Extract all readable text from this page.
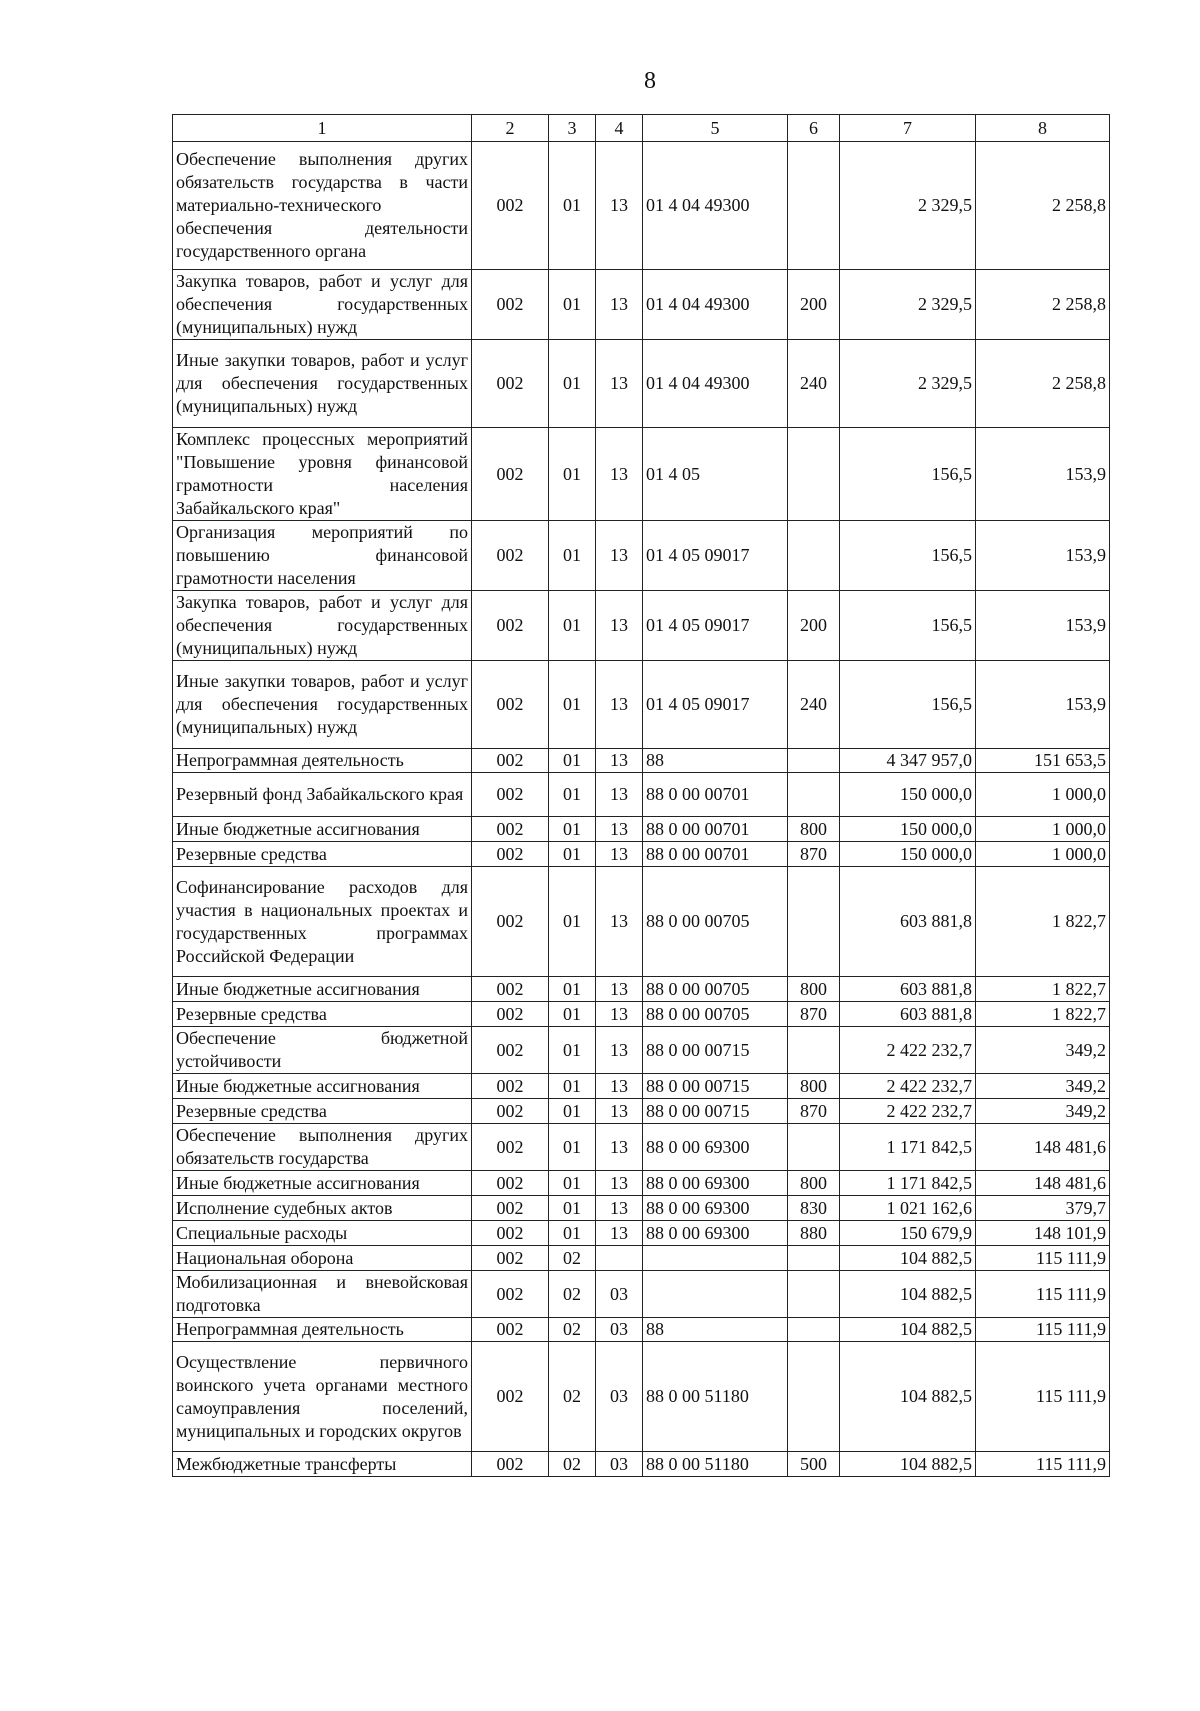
8
1	2	3	4	5	6	7	8
Обеспечение выполнения других обязательств государства в части материально-технического обеспечения деятельности государственного органа	002	01	13	01 4 04 49300		2 329,5	2 258,8
Закупка товаров, работ и услуг для обеспечения государственных (муниципальных) нужд	002	01	13	01 4 04 49300	200	2 329,5	2 258,8
Иные закупки товаров, работ и услуг для обеспечения государственных (муниципальных) нужд	002	01	13	01 4 04 49300	240	2 329,5	2 258,8
Комплекс процессных мероприятий "Повышение уровня финансовой грамотности населения Забайкальского края"	002	01	13	01 4 05		156,5	153,9
Организация мероприятий по повышению финансовой грамотности населения	002	01	13	01 4 05 09017		156,5	153,9
Закупка товаров, работ и услуг для обеспечения государственных (муниципальных) нужд	002	01	13	01 4 05 09017	200	156,5	153,9
Иные закупки товаров, работ и услуг для обеспечения государственных (муниципальных) нужд	002	01	13	01 4 05 09017	240	156,5	153,9
Непрограммная деятельность	002	01	13	88		4 347 957,0	151 653,5
Резервный фонд Забайкальского края	002	01	13	88 0 00 00701		150 000,0	1 000,0
Иные бюджетные ассигнования	002	01	13	88 0 00 00701	800	150 000,0	1 000,0
Резервные средства	002	01	13	88 0 00 00701	870	150 000,0	1 000,0
Софинансирование расходов для участия в национальных проектах и государственных программах Российской Федерации	002	01	13	88 0 00 00705		603 881,8	1 822,7
Иные бюджетные ассигнования	002	01	13	88 0 00 00705	800	603 881,8	1 822,7
Резервные средства	002	01	13	88 0 00 00705	870	603 881,8	1 822,7
Обеспечение бюджетной устойчивости	002	01	13	88 0 00 00715		2 422 232,7	349,2
Иные бюджетные ассигнования	002	01	13	88 0 00 00715	800	2 422 232,7	349,2
Резервные средства	002	01	13	88 0 00 00715	870	2 422 232,7	349,2
Обеспечение выполнения других обязательств государства	002	01	13	88 0 00 69300		1 171 842,5	148 481,6
Иные бюджетные ассигнования	002	01	13	88 0 00 69300	800	1 171 842,5	148 481,6
Исполнение судебных актов	002	01	13	88 0 00 69300	830	1 021 162,6	379,7
Специальные расходы	002	01	13	88 0 00 69300	880	150 679,9	148 101,9
Национальная оборона	002	02				104 882,5	115 111,9
Мобилизационная и вневойсковая подготовка	002	02	03			104 882,5	115 111,9
Непрограммная деятельность	002	02	03	88		104 882,5	115 111,9
Осуществление первичного воинского учета органами местного самоуправления поселений, муниципальных и городских округов	002	02	03	88 0 00 51180		104 882,5	115 111,9
Межбюджетные трансферты	002	02	03	88 0 00 51180	500	104 882,5	115 111,9
